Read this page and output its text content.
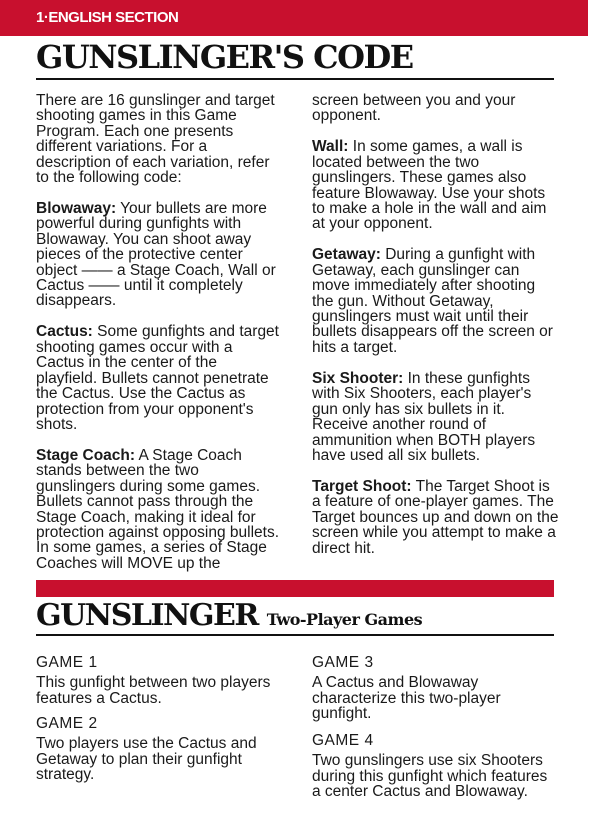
1·ENGLISH SECTION
GUNSLINGER'S CODE

There are 16 gunslinger and target shooting games in this Game Program. Each one presents different variations. For a description of each variation, refer to the following code:

Blowaway: Your bullets are more powerful during gunfights with Blowaway. You can shoot away pieces of the protective center object —— a Stage Coach, Wall or Cactus —— until it completely disappears.

Cactus: Some gunfights and target shooting games occur with a Cactus in the center of the playfield. Bullets cannot penetrate the Cactus. Use the Cactus as protection from your opponent's shots.

Stage Coach: A Stage Coach stands between the two gunslingers during some games. Bullets cannot pass through the Stage Coach, making it ideal for protection against opposing bullets. In some games, a series of Stage Coaches will MOVE up the

screen between you and your opponent.

Wall: In some games, a wall is located between the two gunslingers. These games also feature Blowaway. Use your shots to make a hole in the wall and aim at your opponent.

Getaway: During a gunfight with Getaway, each gunslinger can move immediately after shooting the gun. Without Getaway, gunslingers must wait until their bullets disappears off the screen or hits a target.

Six Shooter: In these gunfights with Six Shooters, each player's gun only has six bullets in it. Receive another round of ammunition when BOTH players have used all six bullets.

Target Shoot: The Target Shoot is a feature of one-player games. The Target bounces up and down on the screen while you attempt to make a direct hit.

GUNSLINGER Two-Player Games
GAME 1

This gunfight between two players features a Cactus.

GAME 2

Two players use the Cactus and Getaway to plan their gunfight strategy.

GAME 3

A Cactus and Blowaway characterize this two-player gunfight.

GAME 4

Two gunslingers use six Shooters during this gunfight which features a center Cactus and Blowaway.
